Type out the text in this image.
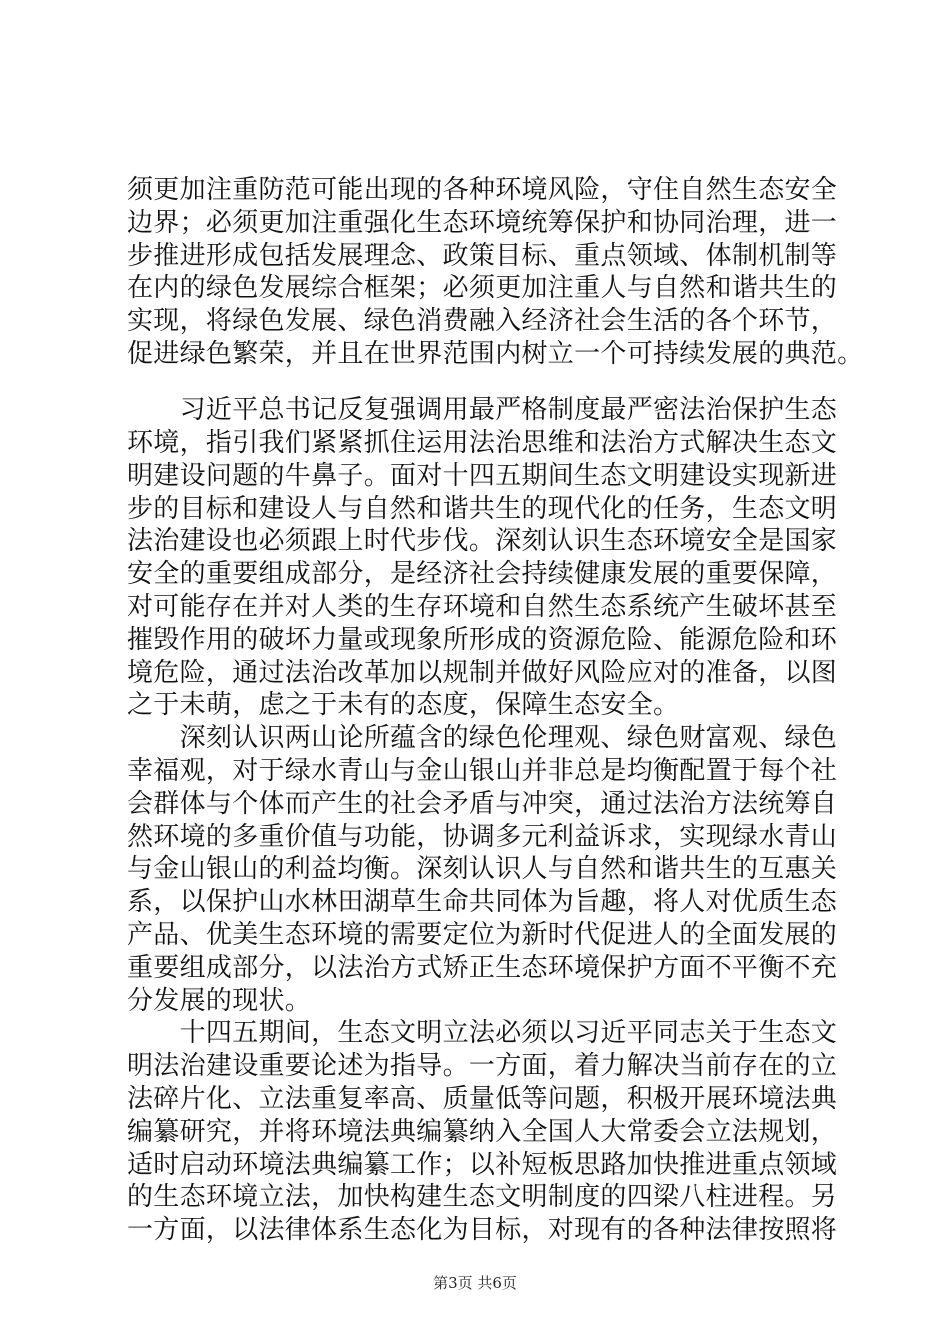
须更加注重防范可能出现的各种环境风险，守住自然生态安全
边界；必须更加注重强化生态环境统筹保护和协同治理，进一
步推进形成包括发展理念、政策目标、重点领域、体制机制等
在内的绿色发展综合框架；必须更加注重人与自然和谐共生的
实现，将绿色发展、绿色消费融入经济社会生活的各个环节，
促进绿色繁荣，并且在世界范围内树立一个可持续发展的典范。
　　习近平总书记反复强调用最严格制度最严密法治保护生态
环境，指引我们紧紧抓住运用法治思维和法治方式解决生态文
明建设问题的牛鼻子。面对十四五期间生态文明建设实现新进
步的目标和建设人与自然和谐共生的现代化的任务，生态文明
法治建设也必须跟上时代步伐。深刻认识生态环境安全是国家
安全的重要组成部分，是经济社会持续健康发展的重要保障，
对可能存在并对人类的生存环境和自然生态系统产生破坏甚至
摧毁作用的破坏力量或现象所形成的资源危险、能源危险和环
境危险，通过法治改革加以规制并做好风险应对的准备，以图
之于未萌，虑之于未有的态度，保障生态安全。
　　深刻认识两山论所蕴含的绿色伦理观、绿色财富观、绿色
幸福观，对于绿水青山与金山银山并非总是均衡配置于每个社
会群体与个体而产生的社会矛盾与冲突，通过法治方法统筹自
然环境的多重价值与功能，协调多元利益诉求，实现绿水青山
与金山银山的利益均衡。深刻认识人与自然和谐共生的互惠关
系，以保护山水林田湖草生命共同体为旨趣，将人对优质生态
产品、优美生态环境的需要定位为新时代促进人的全面发展的
重要组成部分，以法治方式矫正生态环境保护方面不平衡不充
分发展的现状。
　　十四五期间，生态文明立法必须以习近平同志关于生态文
明法治建设重要论述为指导。一方面，着力解决当前存在的立
法碎片化、立法重复率高、质量低等问题，积极开展环境法典
编纂研究，并将环境法典编纂纳入全国人大常委会立法规划，
适时启动环境法典编纂工作；以补短板思路加快推进重点领域
的生态环境立法，加快构建生态文明制度的四梁八柱进程。另
一方面，以法律体系生态化为目标，对现有的各种法律按照将
第3页 共6页
